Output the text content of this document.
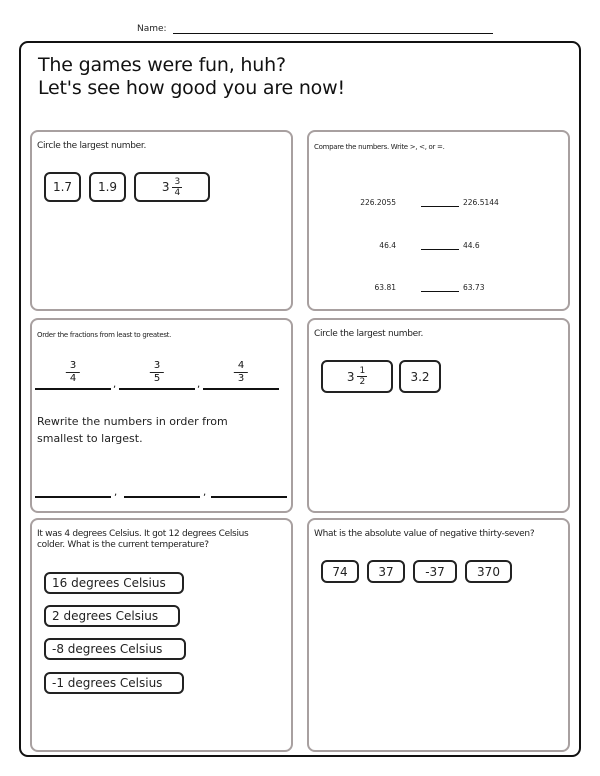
Name:
The games were fun, huh?
Let's see how good you are now!
Circle the largest number.
1.7 1.9	$3 \frac{3}{4}$
Compare the numbers. Write >, <, or =.
226.2055	226.5144
46.4	44.6
63.81	63.73
Order the fractions from least to greatest.
$\frac{3}{4}$	,	$\frac{3}{5}$	,	$\frac{4}{3}$
Rewrite the numbers in order from
smallest to largest.
,	,
Circle the largest number.
$3 \frac{1}{2}$	3.2
It was 4 degrees Celsius. It got 12 degrees Celsius
colder. What is the current temperature?
16 degrees Celsius
2 degrees Celsius
-8 degrees Celsius
-1 degrees Celsius
What is the absolute value of negative thirty-seven?
74	37	-37	370
